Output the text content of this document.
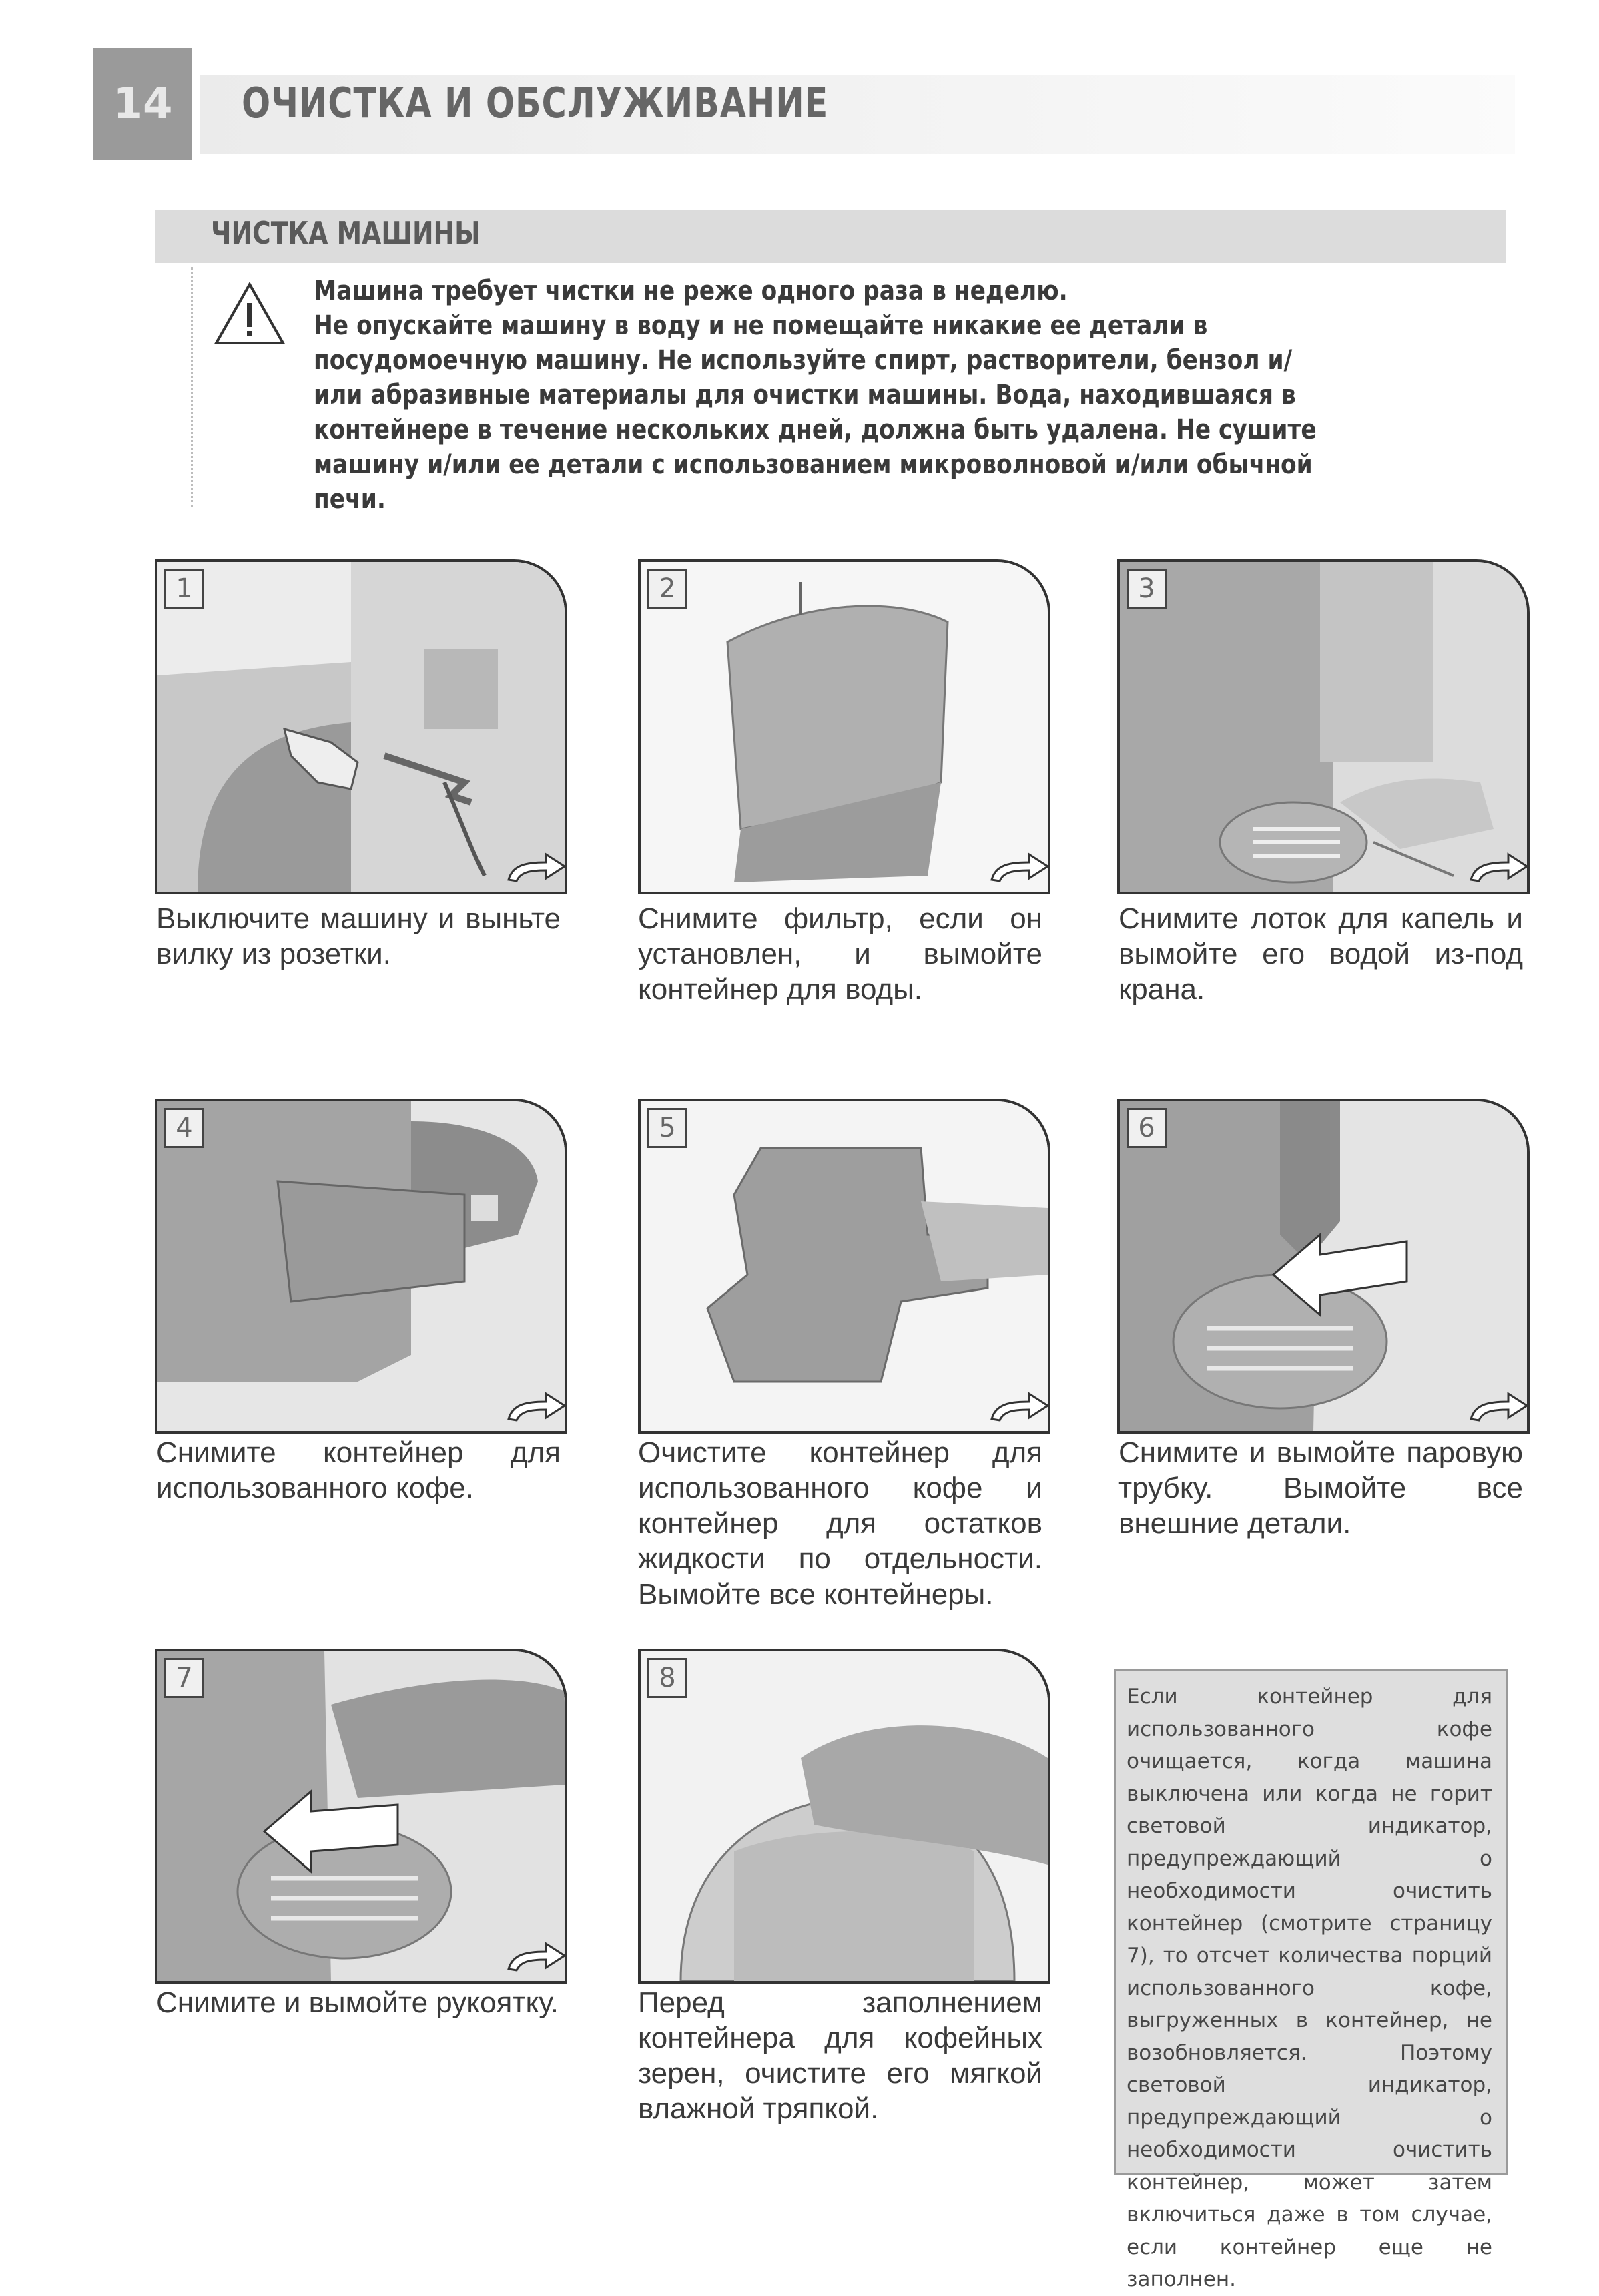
14	ОЧИСТКА И ОБСЛУЖИВАНИЕ
ЧИСТКА МАШИНЫ

Машина требует чистки не реже одного раза в неделю.

Не опускайте машину в воду и не помещайте никакие ее детали в посудомоечную машину. Не используйте спирт, растворители, бензол и/или абразивные материалы для очистки машины. Вода, находившаяся в контейнере в течение нескольких дней, должна быть удалена. Не сушите машину и/или ее детали с использованием микроволновой и/или обычной печи.

1
Выключите машину и выньте вилку из розетки.
2
Снимите фильтр, если он установлен, и вымойте контейнер для воды.
3
Снимите лоток для капель и вымойте его водой из-под крана.
4
Снимите контейнер для использованного кофе.
5
Очистите контейнер для использованного кофе и контейнер для остатков жидкости по отдельности. Вымойте все контейнеры.
6
Снимите и вымойте паровую трубку. Вымойте все внешние детали.
7
Снимите и вымойте рукоятку.
8
Перед заполнением контейнера для кофейных зерен, очистите его мягкой влажной тряпкой.
Если контейнер для использованного кофе очищается, когда машина выключена или когда не горит световой индикатор, предупреждающий о необходимости очистить контейнер (смотрите страницу 7), то отсчет количества порций использованного кофе, выгруженных в контейнер, не возобновляется. Поэтому световой индикатор, предупреждающий о необходимости очистить контейнер, может затем включиться даже в том случае, если контейнер еще не заполнен.
